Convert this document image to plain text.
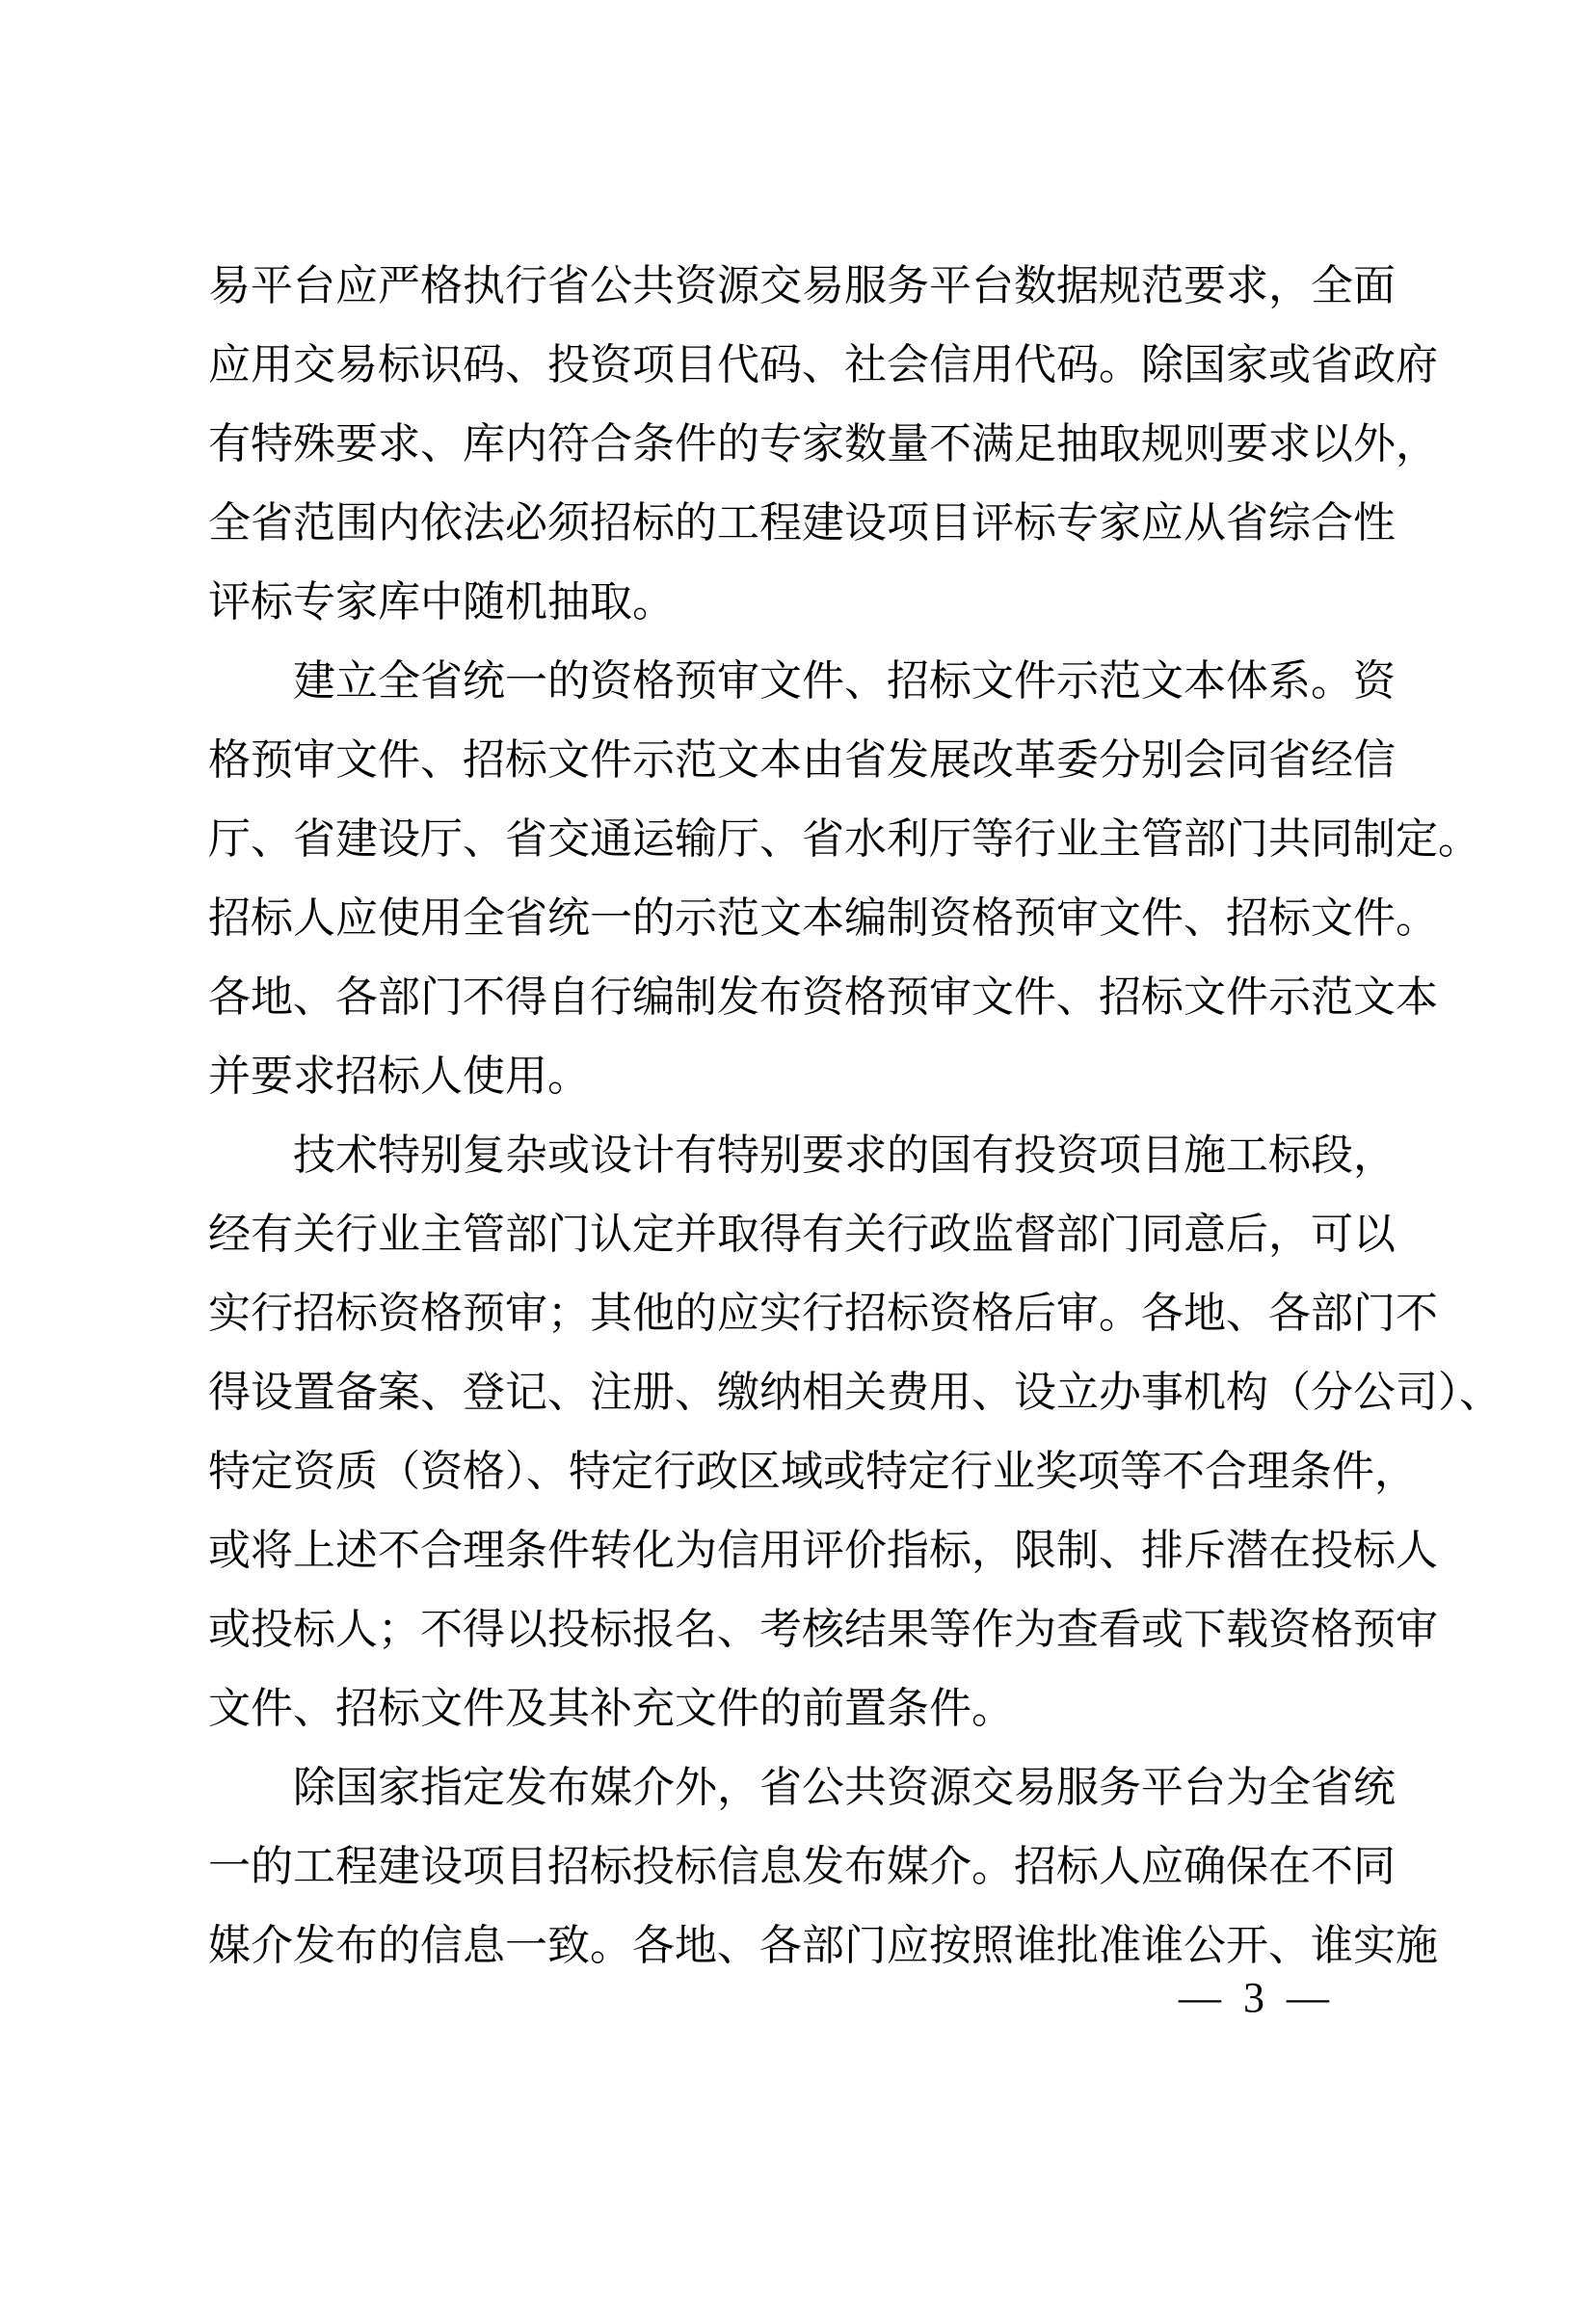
易平台应严格执行省公共资源交易服务平台数据规范要求，全面
应用交易标识码、投资项目代码、社会信用代码。除国家或省政府
有特殊要求、库内符合条件的专家数量不满足抽取规则要求以外，
全省范围内依法必须招标的工程建设项目评标专家应从省综合性
评标专家库中随机抽取。
建立全省统一的资格预审文件、招标文件示范文本体系。资
格预审文件、招标文件示范文本由省发展改革委分别会同省经信
厅、省建设厅、省交通运输厅、省水利厅等行业主管部门共同制定。
招标人应使用全省统一的示范文本编制资格预审文件、招标文件。
各地、各部门不得自行编制发布资格预审文件、招标文件示范文本
并要求招标人使用。
技术特别复杂或设计有特别要求的国有投资项目施工标段，
经有关行业主管部门认定并取得有关行政监督部门同意后，可以
实行招标资格预审；其他的应实行招标资格后审。各地、各部门不
得设置备案、登记、注册、缴纳相关费用、设立办事机构（分公司）、
特定资质（资格）、特定行政区域或特定行业奖项等不合理条件，
或将上述不合理条件转化为信用评价指标，限制、排斥潜在投标人
或投标人；不得以投标报名、考核结果等作为查看或下载资格预审
文件、招标文件及其补充文件的前置条件。
除国家指定发布媒介外，省公共资源交易服务平台为全省统
一的工程建设项目招标投标信息发布媒介。招标人应确保在不同
媒介发布的信息一致。各地、各部门应按照谁批准谁公开、谁实施
— 3 —
